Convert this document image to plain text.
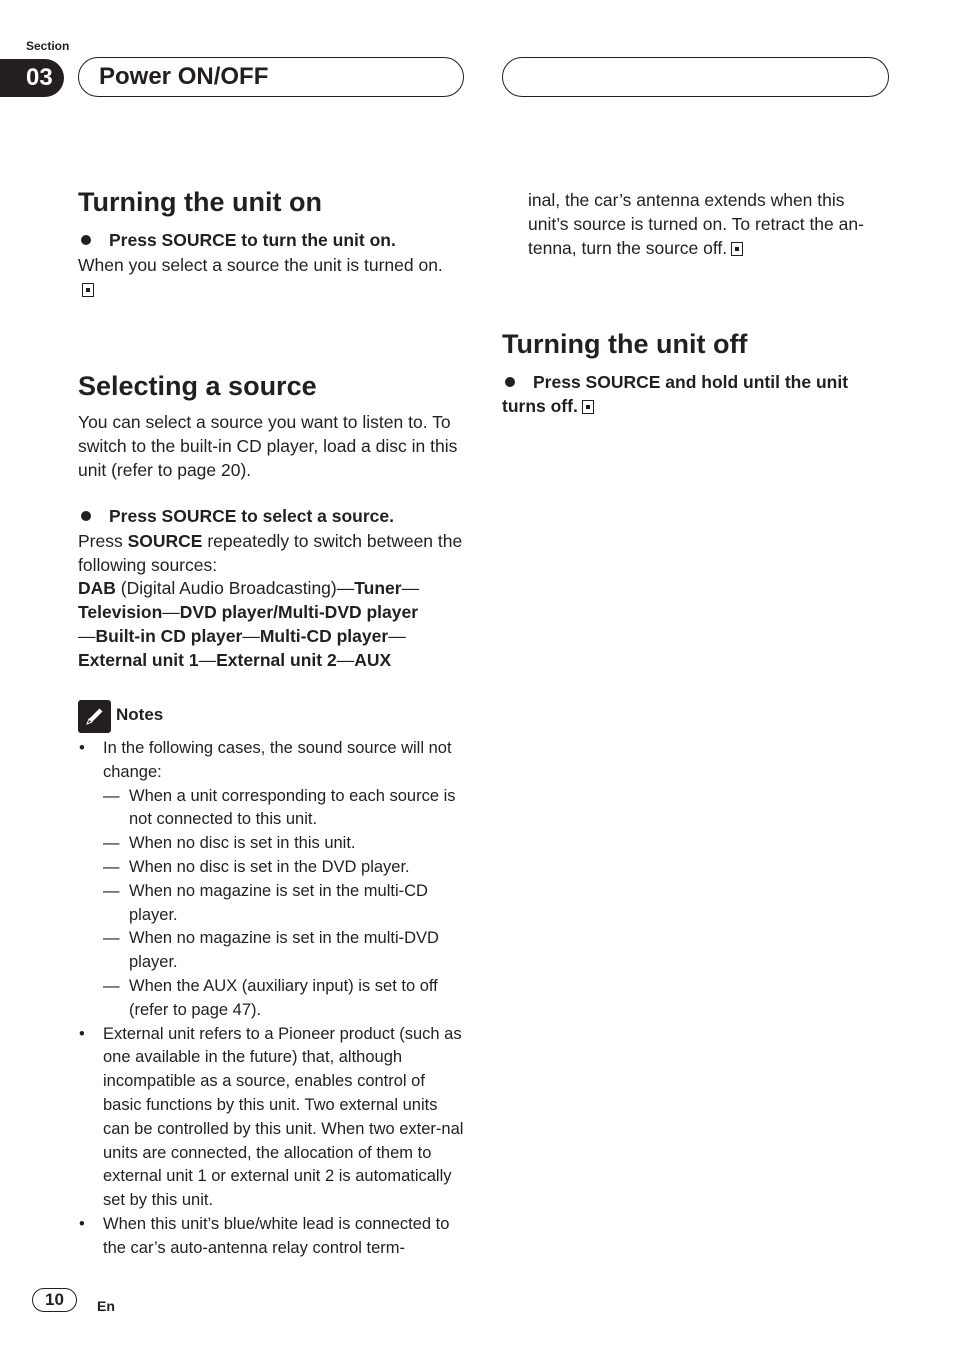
Section
03	Power ON/OFF
Turning the unit on
Press SOURCE to turn the unit on.
When you select a source the unit is turned on.
Selecting a source
You can select a source you want to listen to. To switch to the built-in CD player, load a disc in this unit (refer to page 20).
Press SOURCE to select a source.
Press SOURCE repeatedly to switch between the following sources:
DAB (Digital Audio Broadcasting)—Tuner—
Television—DVD player/Multi-DVD player
—Built-in CD player—Multi-CD player—
External unit 1—External unit 2—AUX
Notes
• In the following cases, the sound source will not change:
— When a unit corresponding to each source is not connected to this unit.
— When no disc is set in this unit.
— When no disc is set in the DVD player.
— When no magazine is set in the multi-CD player.
— When no magazine is set in the multi-DVD player.
— When the AUX (auxiliary input) is set to off (refer to page 47).
• External unit refers to a Pioneer product (such as one available in the future) that, although incompatible as a source, enables control of basic functions by this unit. Two external units can be controlled by this unit. When two exter-nal units are connected, the allocation of them to external unit 1 or external unit 2 is automatically set by this unit.
• When this unit’s blue/white lead is connected to the car’s auto-antenna relay control term-
inal, the car’s antenna extends when this unit’s source is turned on. To retract the an-tenna, turn the source off.
Turning the unit off
Press SOURCE and hold until the unit turns off.
10	En
